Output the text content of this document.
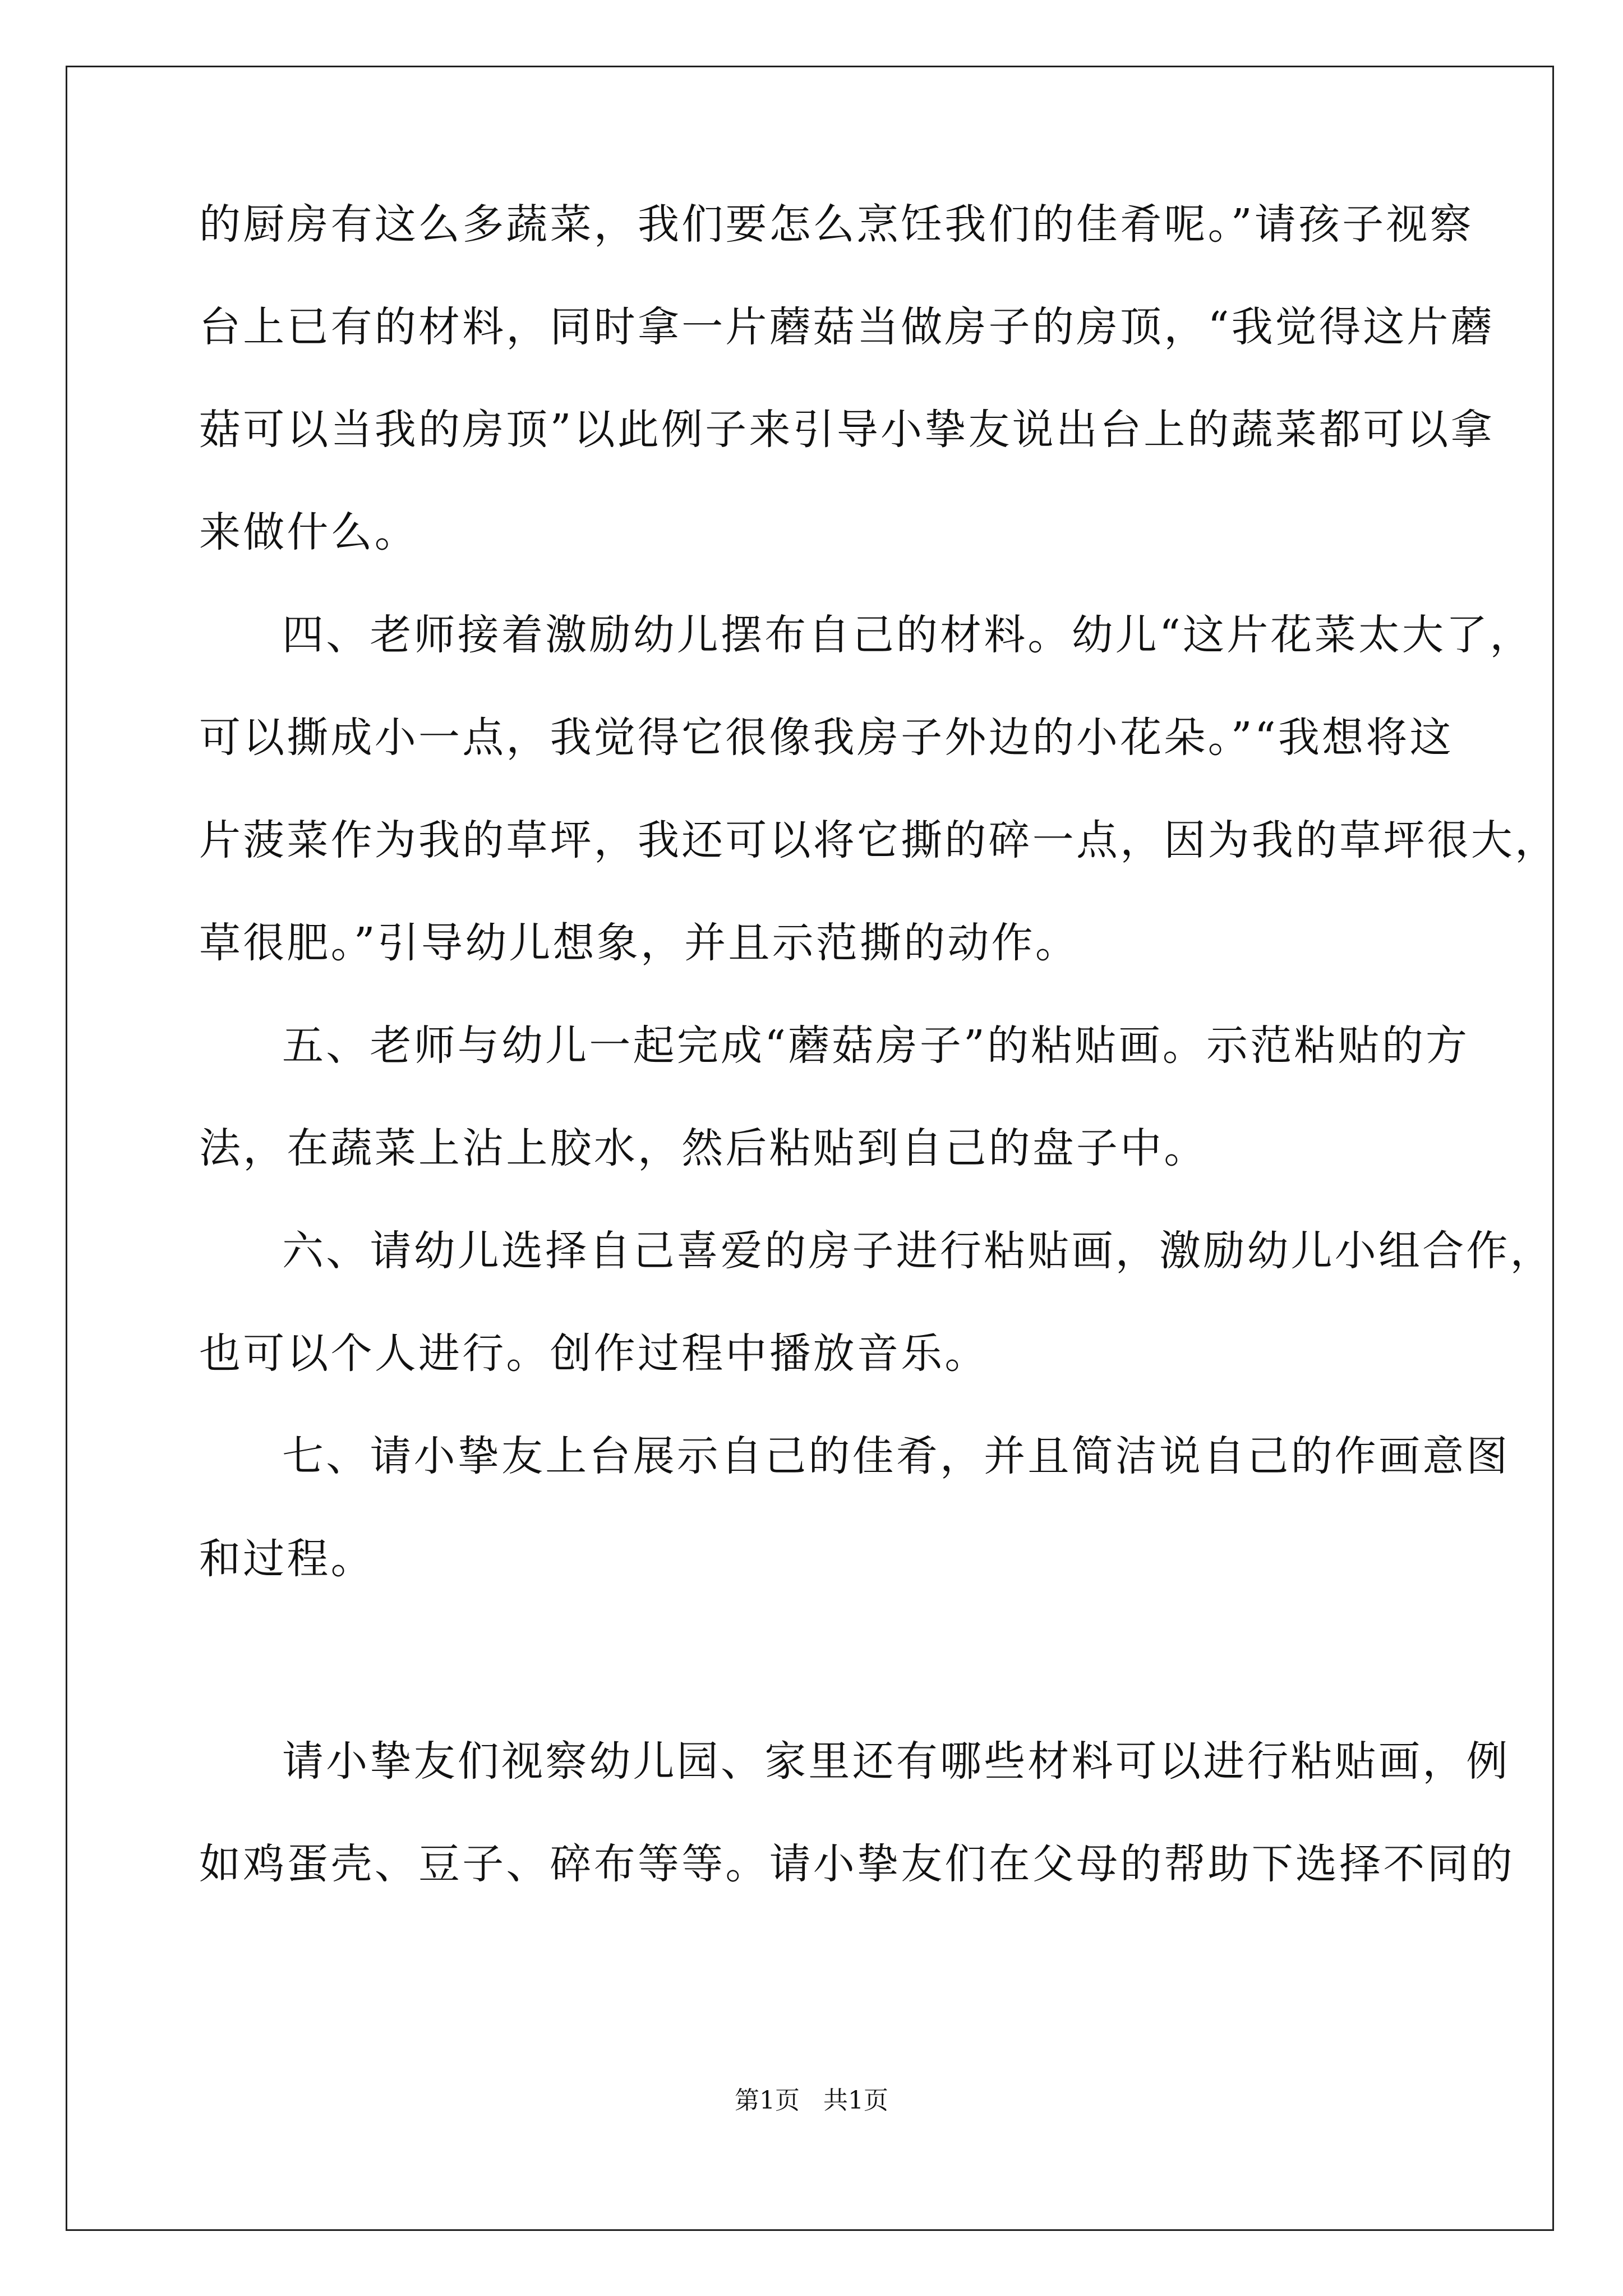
的厨房有这么多蔬菜，我们要怎么烹饪我们的佳肴呢。”请孩子视察
台上已有的材料，同时拿一片蘑菇当做房子的房顶，“我觉得这片蘑
菇可以当我的房顶”以此例子来引导小挚友说出台上的蔬菜都可以拿
来做什么。
四、老师接着激励幼儿摆布自己的材料。幼儿“这片花菜太大了，
可以撕成小一点，我觉得它很像我房子外边的小花朵。”“我想将这
片菠菜作为我的草坪，我还可以将它撕的碎一点，因为我的草坪很大，
草很肥。”引导幼儿想象，并且示范撕的动作。
五、老师与幼儿一起完成“蘑菇房子”的粘贴画。示范粘贴的方
法，在蔬菜上沾上胶水，然后粘贴到自己的盘子中。
六、请幼儿选择自己喜爱的房子进行粘贴画，激励幼儿小组合作，
也可以个人进行。创作过程中播放音乐。
七、请小挚友上台展示自己的佳肴，并且简洁说自己的作画意图
和过程。
请小挚友们视察幼儿园、家里还有哪些材料可以进行粘贴画，例
如鸡蛋壳、豆子、碎布等等。请小挚友们在父母的帮助下选择不同的
第1页   共1页
